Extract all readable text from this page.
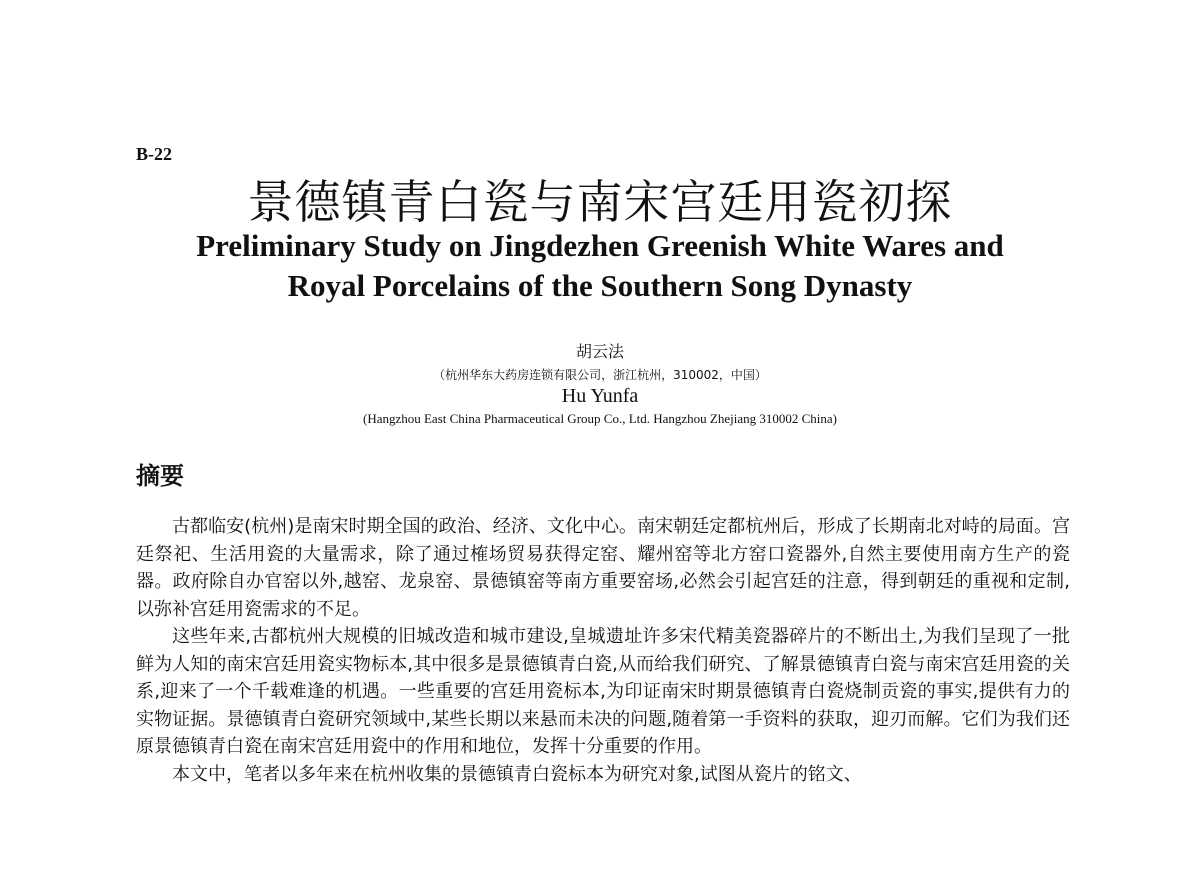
B-22
景德镇青白瓷与南宋宫廷用瓷初探
Preliminary Study on Jingdezhen Greenish White Wares and
Royal Porcelains of the Southern Song Dynasty
胡云法
（杭州华东大药房连锁有限公司，浙江杭州，310002，中国）
Hu Yunfa
(Hangzhou East China Pharmaceutical Group Co., Ltd. Hangzhou Zhejiang 310002 China)
摘要

古都临安(杭州)是南宋时期全国的政治、经济、文化中心。南宋朝廷定都杭州后，形成了长期南北对峙的局面。宫廷祭祀、生活用瓷的大量需求，除了通过榷场贸易获得定窑、耀州窑等北方窑口瓷器外,自然主要使用南方生产的瓷器。政府除自办官窑以外,越窑、龙泉窑、景德镇窑等南方重要窑场,必然会引起宫廷的注意，得到朝廷的重视和定制,以弥补宫廷用瓷需求的不足。

这些年来,古都杭州大规模的旧城改造和城市建设,皇城遗址许多宋代精美瓷器碎片的不断出土,为我们呈现了一批鲜为人知的南宋宫廷用瓷实物标本,其中很多是景德镇青白瓷,从而给我们研究、了解景德镇青白瓷与南宋宫廷用瓷的关系,迎来了一个千载难逢的机遇。一些重要的宫廷用瓷标本,为印证南宋时期景德镇青白瓷烧制贡瓷的事实,提供有力的实物证据。景德镇青白瓷研究领域中,某些长期以来悬而未决的问题,随着第一手资料的获取，迎刃而解。它们为我们还原景德镇青白瓷在南宋宫廷用瓷中的作用和地位，发挥十分重要的作用。

本文中，笔者以多年来在杭州收集的景德镇青白瓷标本为研究对象,试图从瓷片的铭文、
